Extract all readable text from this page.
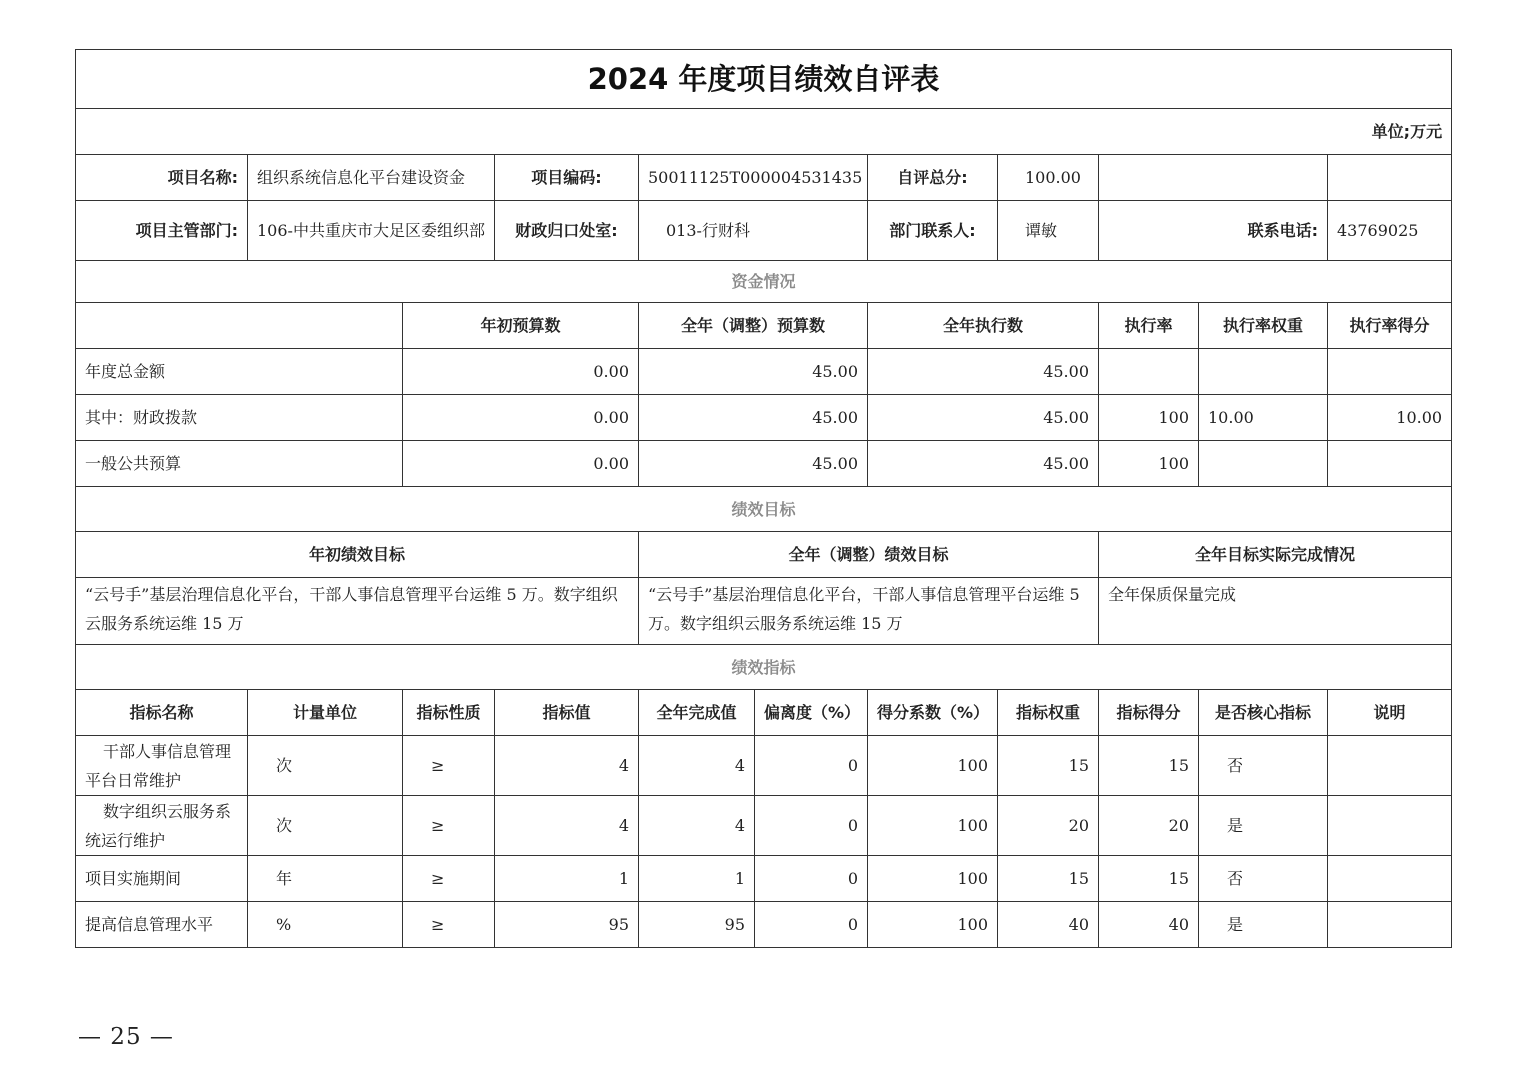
2024 年度项目绩效自评表										
单位;万元										
项目名称:	组织系统信息化平台建设资金		项目编码:	50011125T000004531435		自评总分:	100.00			
项目主管部门:	106-中共重庆市大足区委组织部		财政归口处室:	013-行财科		部门联系人:	谭敏	联系电话:		43769025
资金情况										
		年初预算数		全年（调整）预算数		全年执行数		执行率	执行率权重	执行率得分
年度总金额		0.00		45.00		45.00				
其中：财政拨款		0.00		45.00		45.00		100	10.00	10.00
一般公共预算		0.00		45.00		45.00		100		
绩效目标										
年初绩效目标				全年（调整）绩效目标				全年目标实际完成情况		
“云号手”基层治理信息化平台，干部人事信息管理平台运维 5 万。数字组织云服务系统运维 15 万				“云号手”基层治理信息化平台，干部人事信息管理平台运维 5 万。数字组织云服务系统运维 15 万				全年保质保量完成		
绩效指标										
指标名称	计量单位	指标性质	指标值	全年完成值	偏离度（%）	得分系数（%）	指标权重	指标得分	是否核心指标	说明
干部人事信息管理平台日常维护	次	≥	4	4	0	100	15	15	否	
数字组织云服务系统运行维护	次	≥	4	4	0	100	20	20	是	
项目实施期间	年	≥	1	1	0	100	15	15	否	
提高信息管理水平	%	≥	95	95	0	100	40	40	是	
— 25 —
